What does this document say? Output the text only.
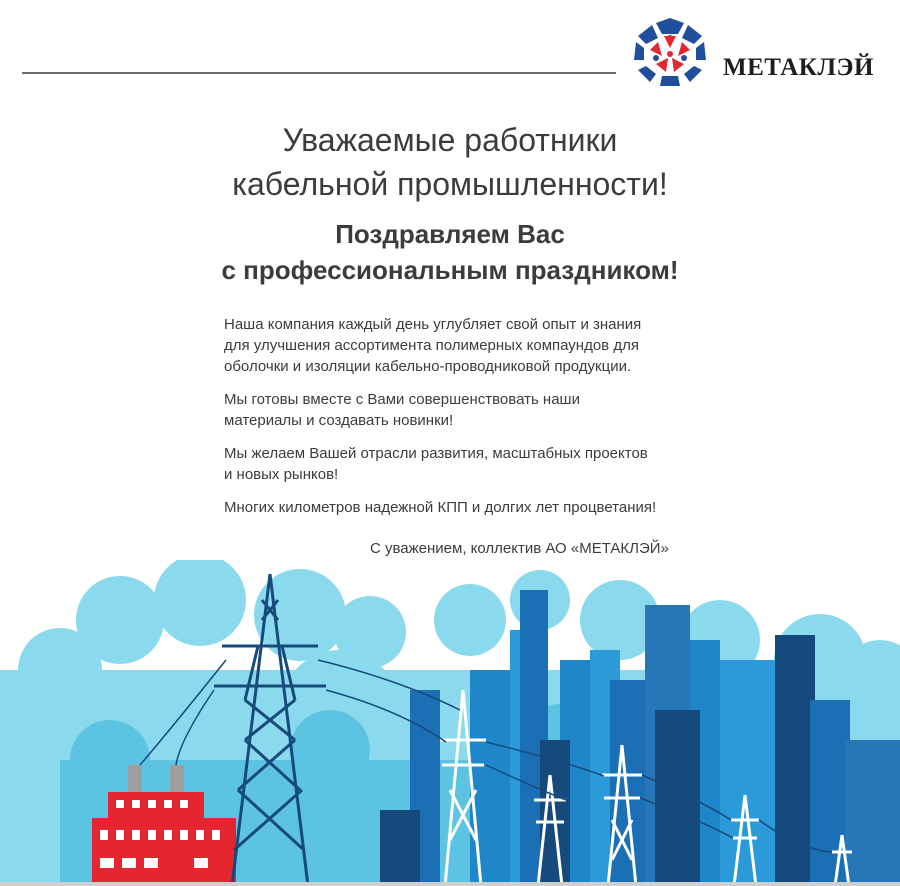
МЕТАКЛЭЙ
Уважаемые работники
кабельной промышленности!
Поздравляем Вас
с профессиональным праздником!

Наша компания каждый день углубляет свой опыт и знания
для улучшения ассортимента полимерных компаундов для
оболочки и изоляции кабельно-проводниковой продукции.

Мы готовы вместе с Вами совершенствовать наши
материалы и создавать новинки!

Мы желаем Вашей отрасли развития, масштабных проектов
и новых рынков!

Многих километров надежной КПП и долгих лет процветания!

С уважением, коллектив АО «МЕТАКЛЭЙ»
